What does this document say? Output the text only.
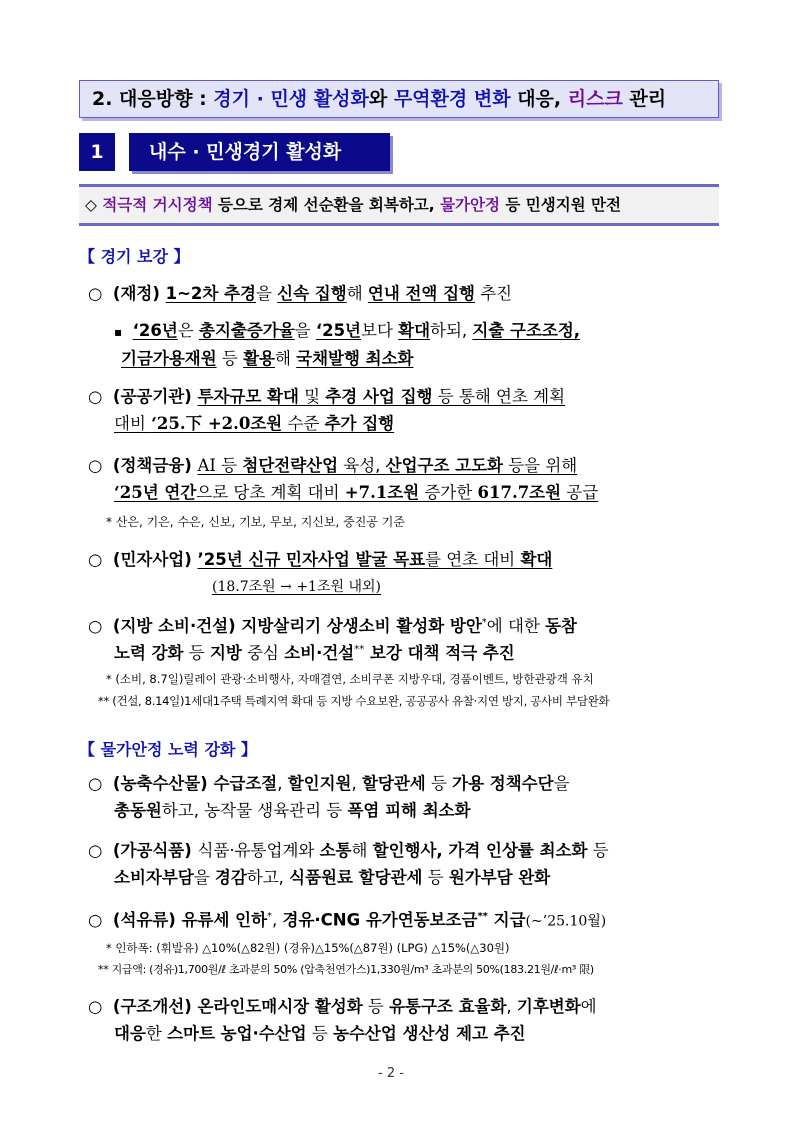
2. 대응방향 : 경기 · 민생 활성화와 무역환경 변화 대응, 리스크 관리
1	내수 · 민생경기 활성화
◇ 적극적 거시정책 등으로 경제 선순환을 회복하고, 물가안정 등 민생지원 만전
【 경기 보강 】
○ (재정) 1~2차 추경을 신속 집행해 연내 전액 집행 추진
▪ ‘26년은 총지출증가율을 ‘25년보다 확대하되, 지출 구조조정,
기금가용재원 등 활용해 국채발행 최소화
○ (공공기관) 투자규모 확대 및 추경 사업 집행 등 통해 연초 계획
대비 ‘25.下 +2.0조원 수준 추가 집행
○ (정책금융) AI 등 첨단전략산업 육성, 산업구조 고도화 등을 위해
‘25년 연간으로 당초 계획 대비 +7.1조원 증가한 617.7조원 공급
* 산은, 기은, 수은, 신보, 기보, 무보, 지신보, 중진공 기준
○ (민자사업) ’25년 신규 민자사업 발굴 목표를 연초 대비 확대
(18.7조원 → +1조원 내외)
○ (지방 소비·건설) 지방살리기 상생소비 활성화 방안*에 대한 동참
노력 강화 등 지방 중심 소비·건설** 보강 대책 적극 추진
* (소비, 8.7일)릴레이 관광·소비행사, 자매결연, 소비쿠폰 지방우대, 경품이벤트, 방한관광객 유치
** (건설, 8.14일)1세대1주택 특례지역 확대 등 지방 수요보완, 공공공사 유찰·지연 방지, 공사비 부담완화
【 물가안정 노력 강화 】
○ (농축수산물) 수급조절, 할인지원, 할당관세 등 가용 정책수단을
총동원하고, 농작물 생육관리 등 폭염 피해 최소화
○ (가공식품) 식품·유통업계와 소통해 할인행사, 가격 인상률 최소화 등
소비자부담을 경감하고, 식품원료 할당관세 등 원가부담 완화
○ (석유류) 유류세 인하*, 경유·CNG 유가연동보조금** 지급(~’25.10월)
* 인하폭: (휘발유) △10%(△82원) (경유)△15%(△87원) (LPG) △15%(△30원)
** 지급액: (경유)1,700원/ℓ 초과분의 50% (압축천연가스)1,330원/m³ 초과분의 50%(183.21원/ℓ·m³ 限)
○ (구조개선) 온라인도매시장 활성화 등 유통구조 효율화, 기후변화에
대응한 스마트 농업·수산업 등 농수산업 생산성 제고 추진
- 2 -
